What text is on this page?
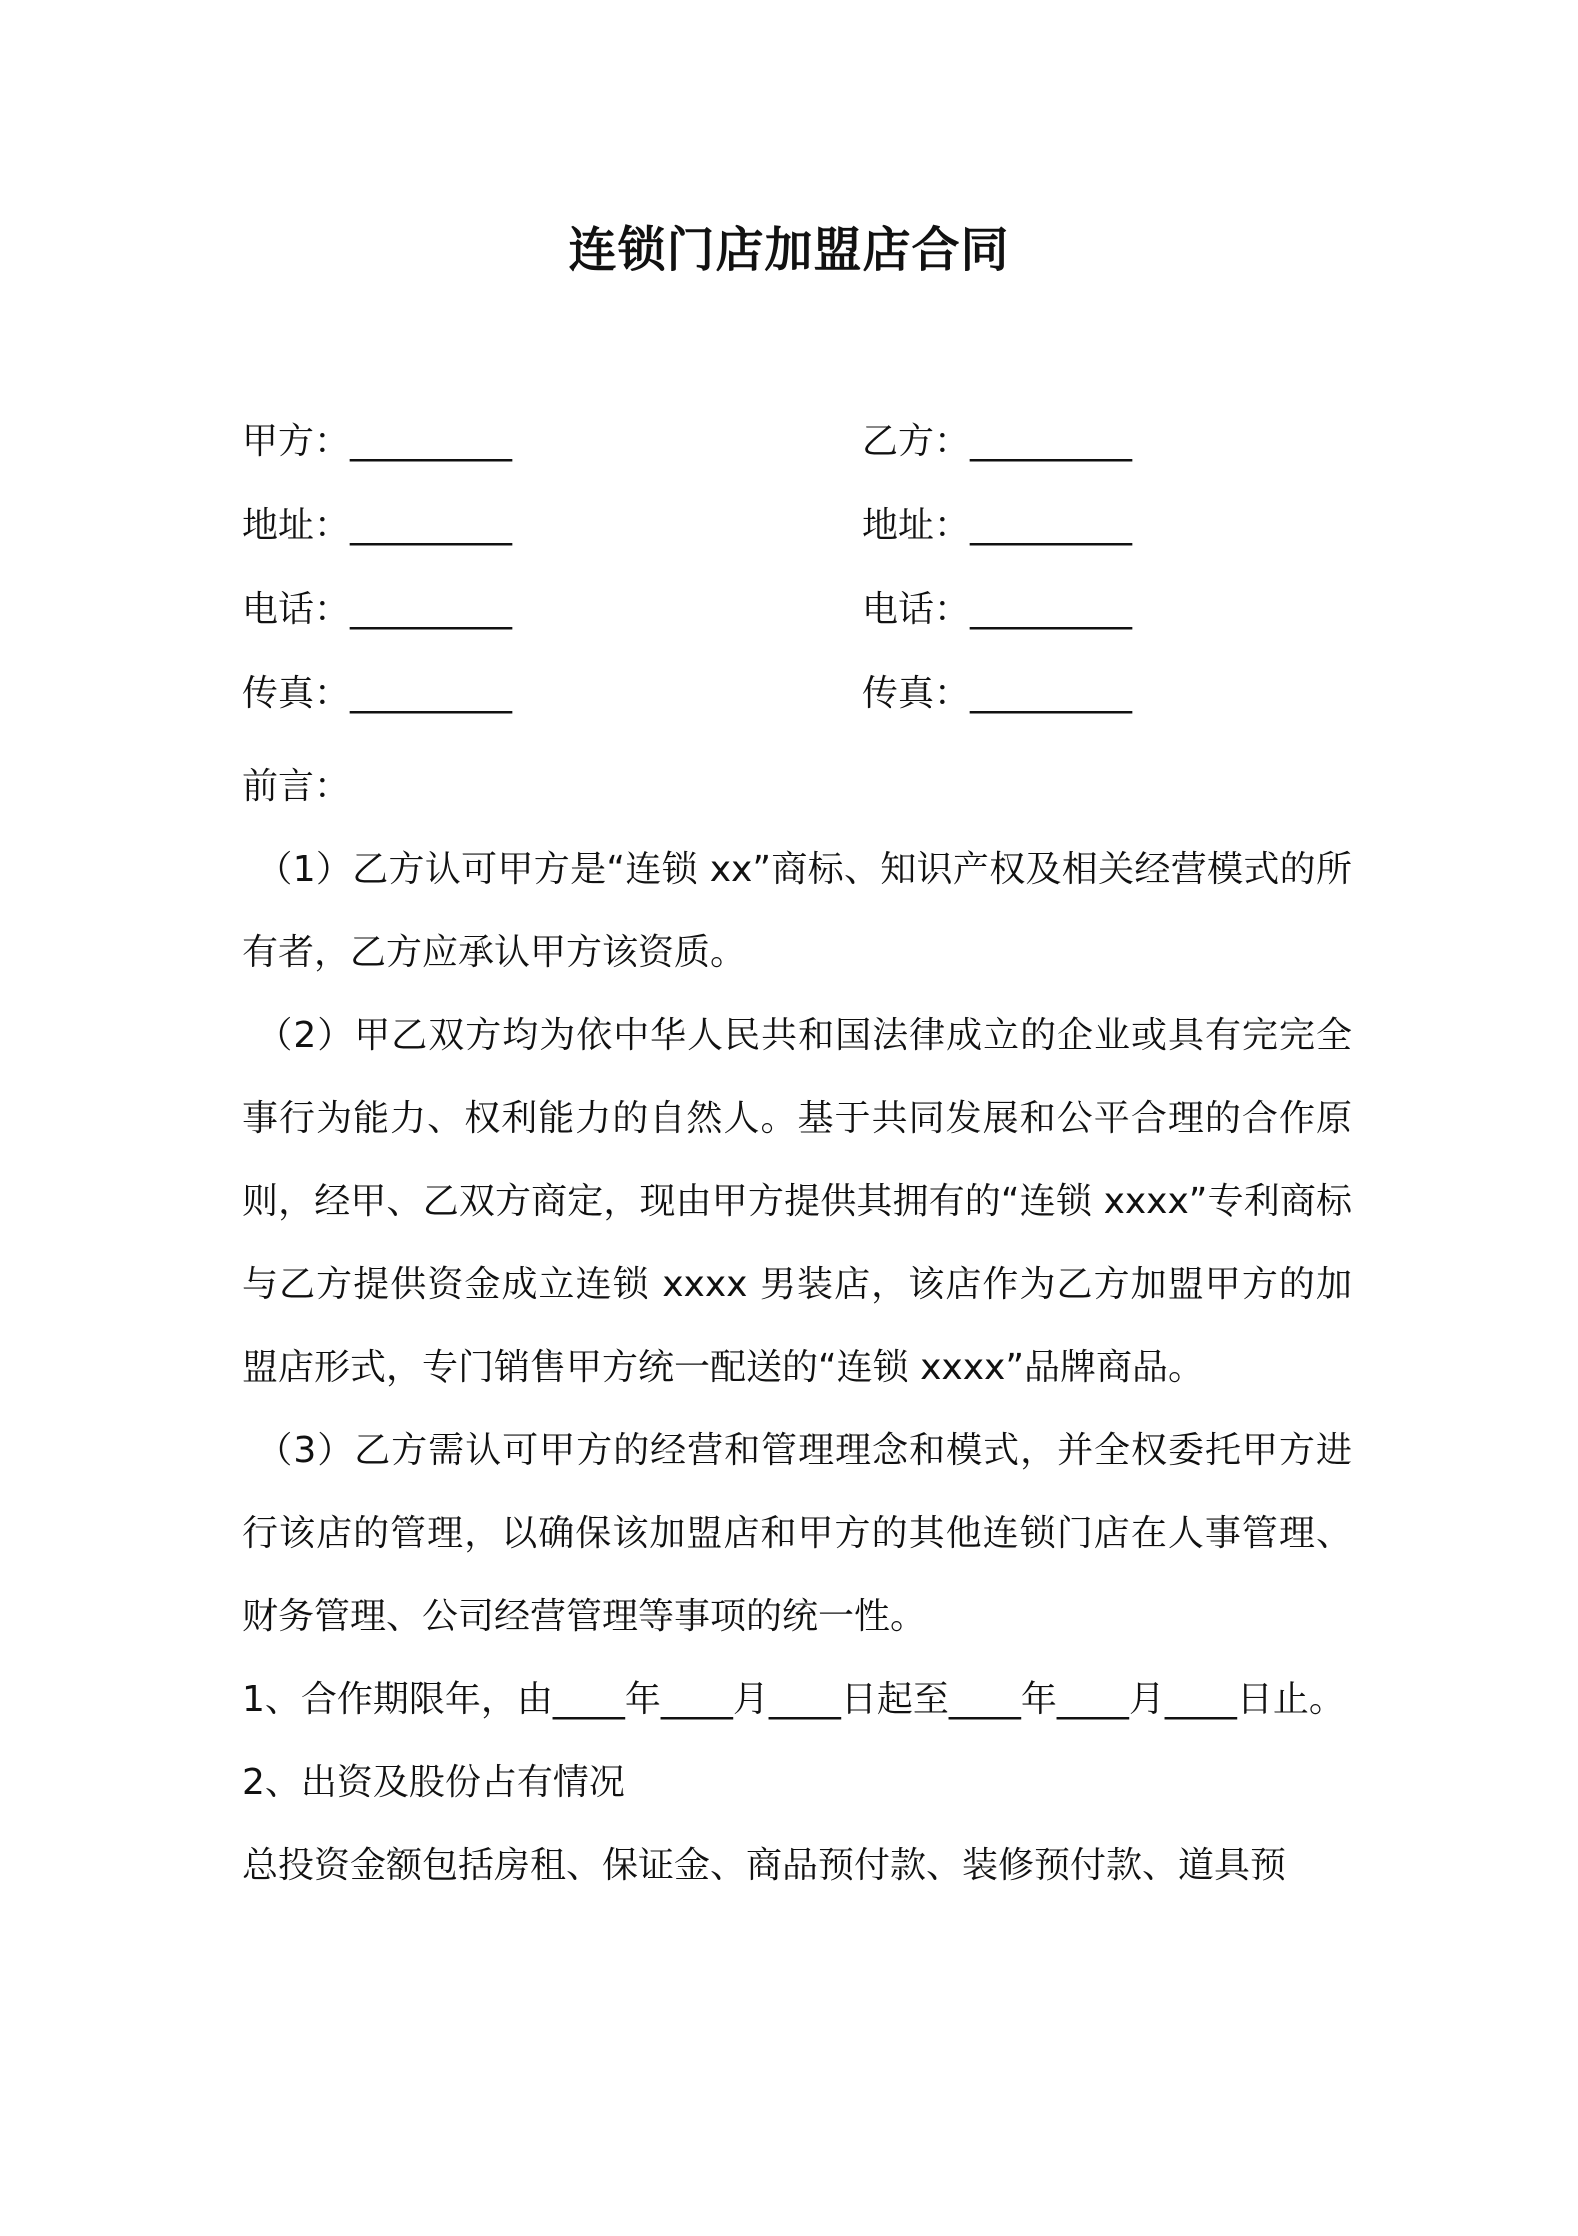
连锁门店加盟店合同
甲方：_________	乙方：_________
地址：_________	地址：_________
电话：_________	电话：_________
传真：_________	传真：_________

前言：

（1）乙方认可甲方是“连锁 xx”商标、知识产权及相关经营模式的所有者，乙方应承认甲方该资质。

（2）甲乙双方均为依中华人民共和国法律成立的企业或具有完完全事行为能力、权利能力的自然人。基于共同发展和公平合理的合作原则，经甲、乙双方商定，现由甲方提供其拥有的“连锁 xxxx”专利商标与乙方提供资金成立连锁 xxxx 男装店，该店作为乙方加盟甲方的加盟店形式，专门销售甲方统一配送的“连锁 xxxx”品牌商品。

（3）乙方需认可甲方的经营和管理理念和模式，并全权委托甲方进行该店的管理，以确保该加盟店和甲方的其他连锁门店在人事管理、财务管理、公司经营管理等事项的统一性。

1、合作期限年，由____年____月____日起至____年____月____日止。

2、出资及股份占有情况

总投资金额包括房租、保证金、商品预付款、装修预付款、道具预
